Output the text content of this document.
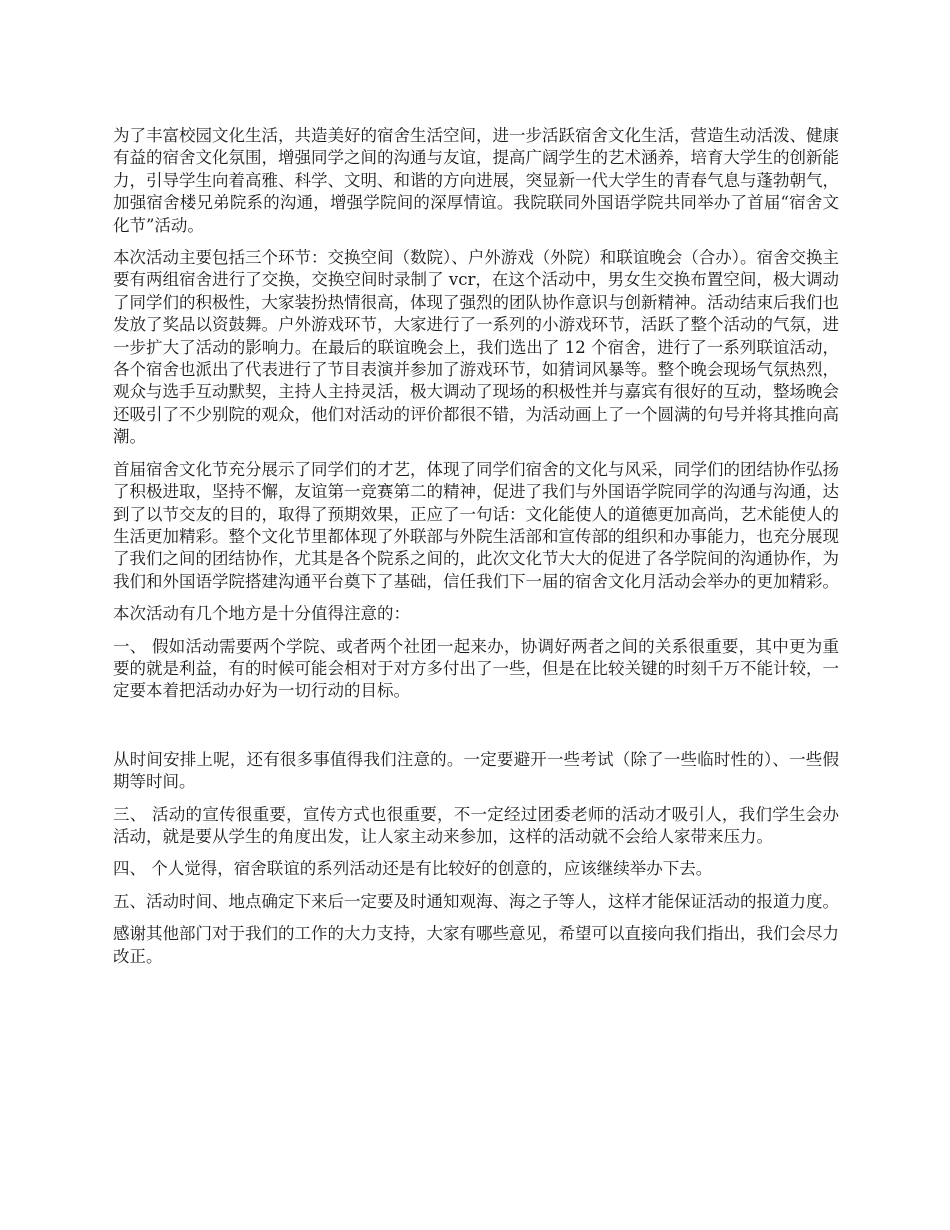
为了丰富校园文化生活，共造美好的宿舍生活空间，进一步活跃宿舍文化生活，营造生动活泼、健康有益的宿舍文化氛围，增强同学之间的沟通与友谊，提高广阔学生的艺术涵养，培育大学生的创新能力，引导学生向着高雅、科学、文明、和谐的方向进展，突显新一代大学生的青春气息与蓬勃朝气，加强宿舍楼兄弟院系的沟通，增强学院间的深厚情谊。我院联同外国语学院共同举办了首届“宿舍文化节”活动。

本次活动主要包括三个环节：交换空间（数院）、户外游戏（外院）和联谊晚会（合办）。宿舍交换主要有两组宿舍进行了交换，交换空间时录制了 vcr，在这个活动中，男女生交换布置空间，极大调动了同学们的积极性，大家装扮热情很高，体现了强烈的团队协作意识与创新精神。活动结束后我们也发放了奖品以资鼓舞。户外游戏环节，大家进行了一系列的小游戏环节，活跃了整个活动的气氛，进一步扩大了活动的影响力。在最后的联谊晚会上，我们选出了 12 个宿舍，进行了一系列联谊活动，各个宿舍也派出了代表进行了节目表演并参加了游戏环节，如猜词风暴等。整个晚会现场气氛热烈，观众与选手互动默契，主持人主持灵活，极大调动了现场的积极性并与嘉宾有很好的互动，整场晚会还吸引了不少别院的观众，他们对活动的评价都很不错，为活动画上了一个圆满的句号并将其推向高潮。

首届宿舍文化节充分展示了同学们的才艺，体现了同学们宿舍的文化与风采，同学们的团结协作弘扬了积极进取，坚持不懈，友谊第一竞赛第二的精神，促进了我们与外国语学院同学的沟通与沟通，达到了以节交友的目的，取得了预期效果，正应了一句话：文化能使人的道德更加高尚，艺术能使人的生活更加精彩。整个文化节里都体现了外联部与外院生活部和宣传部的组织和办事能力，也充分展现了我们之间的团结协作，尤其是各个院系之间的，此次文化节大大的促进了各学院间的沟通协作，为我们和外国语学院搭建沟通平台奠下了基础，信任我们下一届的宿舍文化月活动会举办的更加精彩。

本次活动有几个地方是十分值得注意的：

一、 假如活动需要两个学院、或者两个社团一起来办，协调好两者之间的关系很重要，其中更为重要的就是利益，有的时候可能会相对于对方多付出了一些，但是在比较关键的时刻千万不能计较，一定要本着把活动办好为一切行动的目标。

从时间安排上呢，还有很多事值得我们注意的。一定要避开一些考试（除了一些临时性的）、一些假期等时间。

三、 活动的宣传很重要，宣传方式也很重要，不一定经过团委老师的活动才吸引人，我们学生会办活动，就是要从学生的角度出发，让人家主动来参加，这样的活动就不会给人家带来压力。

四、 个人觉得，宿舍联谊的系列活动还是有比较好的创意的，应该继续举办下去。

五、活动时间、地点确定下来后一定要及时通知观海、海之子等人，这样才能保证活动的报道力度。

感谢其他部门对于我们的工作的大力支持，大家有哪些意见，希望可以直接向我们指出，我们会尽力改正。
